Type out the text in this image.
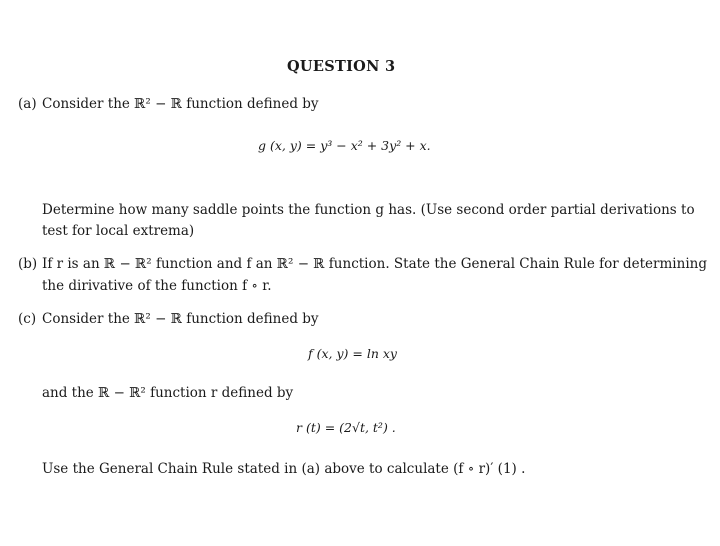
QUESTION 3
(a) Consider the ℝ² − ℝ function defined by
g (x, y) = y³ − x² + 3y² + x.
Determine how many saddle points the function g has. (Use second order partial derivations to
test for local extrema)
(b) If r is an ℝ − ℝ² function and f an ℝ² − ℝ function. State the General Chain Rule for determining
the dirivative of the function f ∘ r.
(c) Consider the ℝ² − ℝ function defined by
f (x, y) = ln xy
and the ℝ − ℝ² function r defined by
r (t) = (2√t, t²) .
Use the General Chain Rule stated in (a) above to calculate (f ∘ r)′ (1) .
